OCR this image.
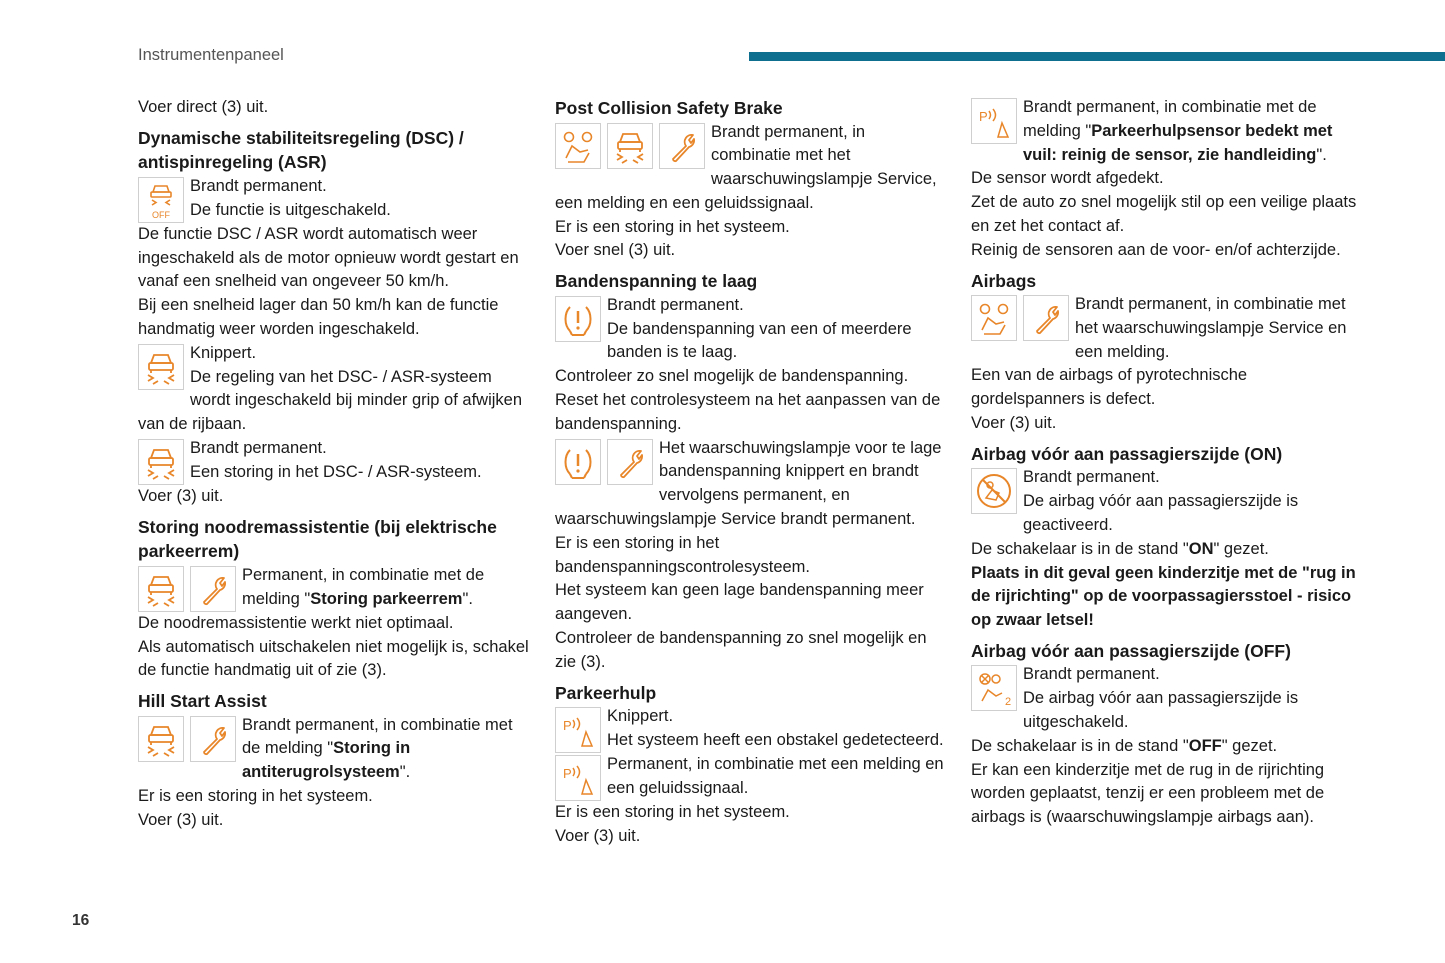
Instrumentenpaneel
16

Voer direct (3) uit.

Dynamische stabiliteitsregeling (DSC) / antispinregeling (ASR)
OFF

Brandt permanent.

De functie is uitgeschakeld.

De functie DSC / ASR wordt automatisch weer ingeschakeld als de motor opnieuw wordt gestart en vanaf een snelheid van ongeveer 50 km/h.

Bij een snelheid lager dan 50 km/h kan de functie handmatig weer worden ingeschakeld.

Knippert.

De regeling van het DSC- / ASR-systeem wordt ingeschakeld bij minder grip of afwijken van de rijbaan.

Brandt permanent.

Een storing in het DSC- / ASR-systeem.

Voer (3) uit.

Storing noodremassistentie (bij elektrische parkeerrem)

Permanent, in combinatie met de melding "Storing parkeerrem".

De noodremassistentie werkt niet optimaal.

Als automatisch uitschakelen niet mogelijk is, schakel de functie handmatig uit of zie (3).

Hill Start Assist

Brandt permanent, in combinatie met de melding "Storing in antiterugrolsysteem".

Er is een storing in het systeem.

Voer (3) uit.

Post Collision Safety Brake

Brandt permanent, in combinatie met het waarschuwingslampje Service, een melding en een geluidssignaal.

Er is een storing in het systeem.

Voer snel (3) uit.

Bandenspanning te laag

Brandt permanent.

De bandenspanning van een of meerdere banden is te laag.

Controleer zo snel mogelijk de bandenspanning.

Reset het controlesysteem na het aanpassen van de bandenspanning.

Het waarschuwingslampje voor te lage bandenspanning knippert en brandt vervolgens permanent, en waarschuwingslampje Service brandt permanent.

Er is een storing in het bandenspanningscontrolesysteem.

Het systeem kan geen lage bandenspanning meer aangeven.

Controleer de bandenspanning zo snel mogelijk en zie (3).

Parkeerhulp

Knippert.

Het systeem heeft een obstakel gedetecteerd.

Permanent, in combinatie met een melding en een geluidssignaal.

Er is een storing in het systeem.

Voer (3) uit.

Brandt permanent, in combinatie met de melding "Parkeerhulpsensor bedekt met vuil: reinig de sensor, zie handleiding".

De sensor wordt afgedekt.

Zet de auto zo snel mogelijk stil op een veilige plaats en zet het contact af.

Reinig de sensoren aan de voor- en/of achterzijde.

Airbags

Brandt permanent, in combinatie met het waarschuwingslampje Service en een melding.

Een van de airbags of pyrotechnische gordelspanners is defect.

Voer (3) uit.

Airbag vóór aan passagierszijde (ON)

Brandt permanent.

De airbag vóór aan passagierszijde is geactiveerd.

De schakelaar is in de stand "ON" gezet.

Plaats in dit geval geen kinderzitje met de "rug in de rijrichting" op de voorpassagiersstoel - risico op zwaar letsel!

Airbag vóór aan passagierszijde (OFF)
2

Brandt permanent.

De airbag vóór aan passagierszijde is uitgeschakeld.

De schakelaar is in de stand "OFF" gezet.

Er kan een kinderzitje met de rug in de rijrichting worden geplaatst, tenzij er een probleem met de airbags is (waarschuwingslampje airbags aan).
